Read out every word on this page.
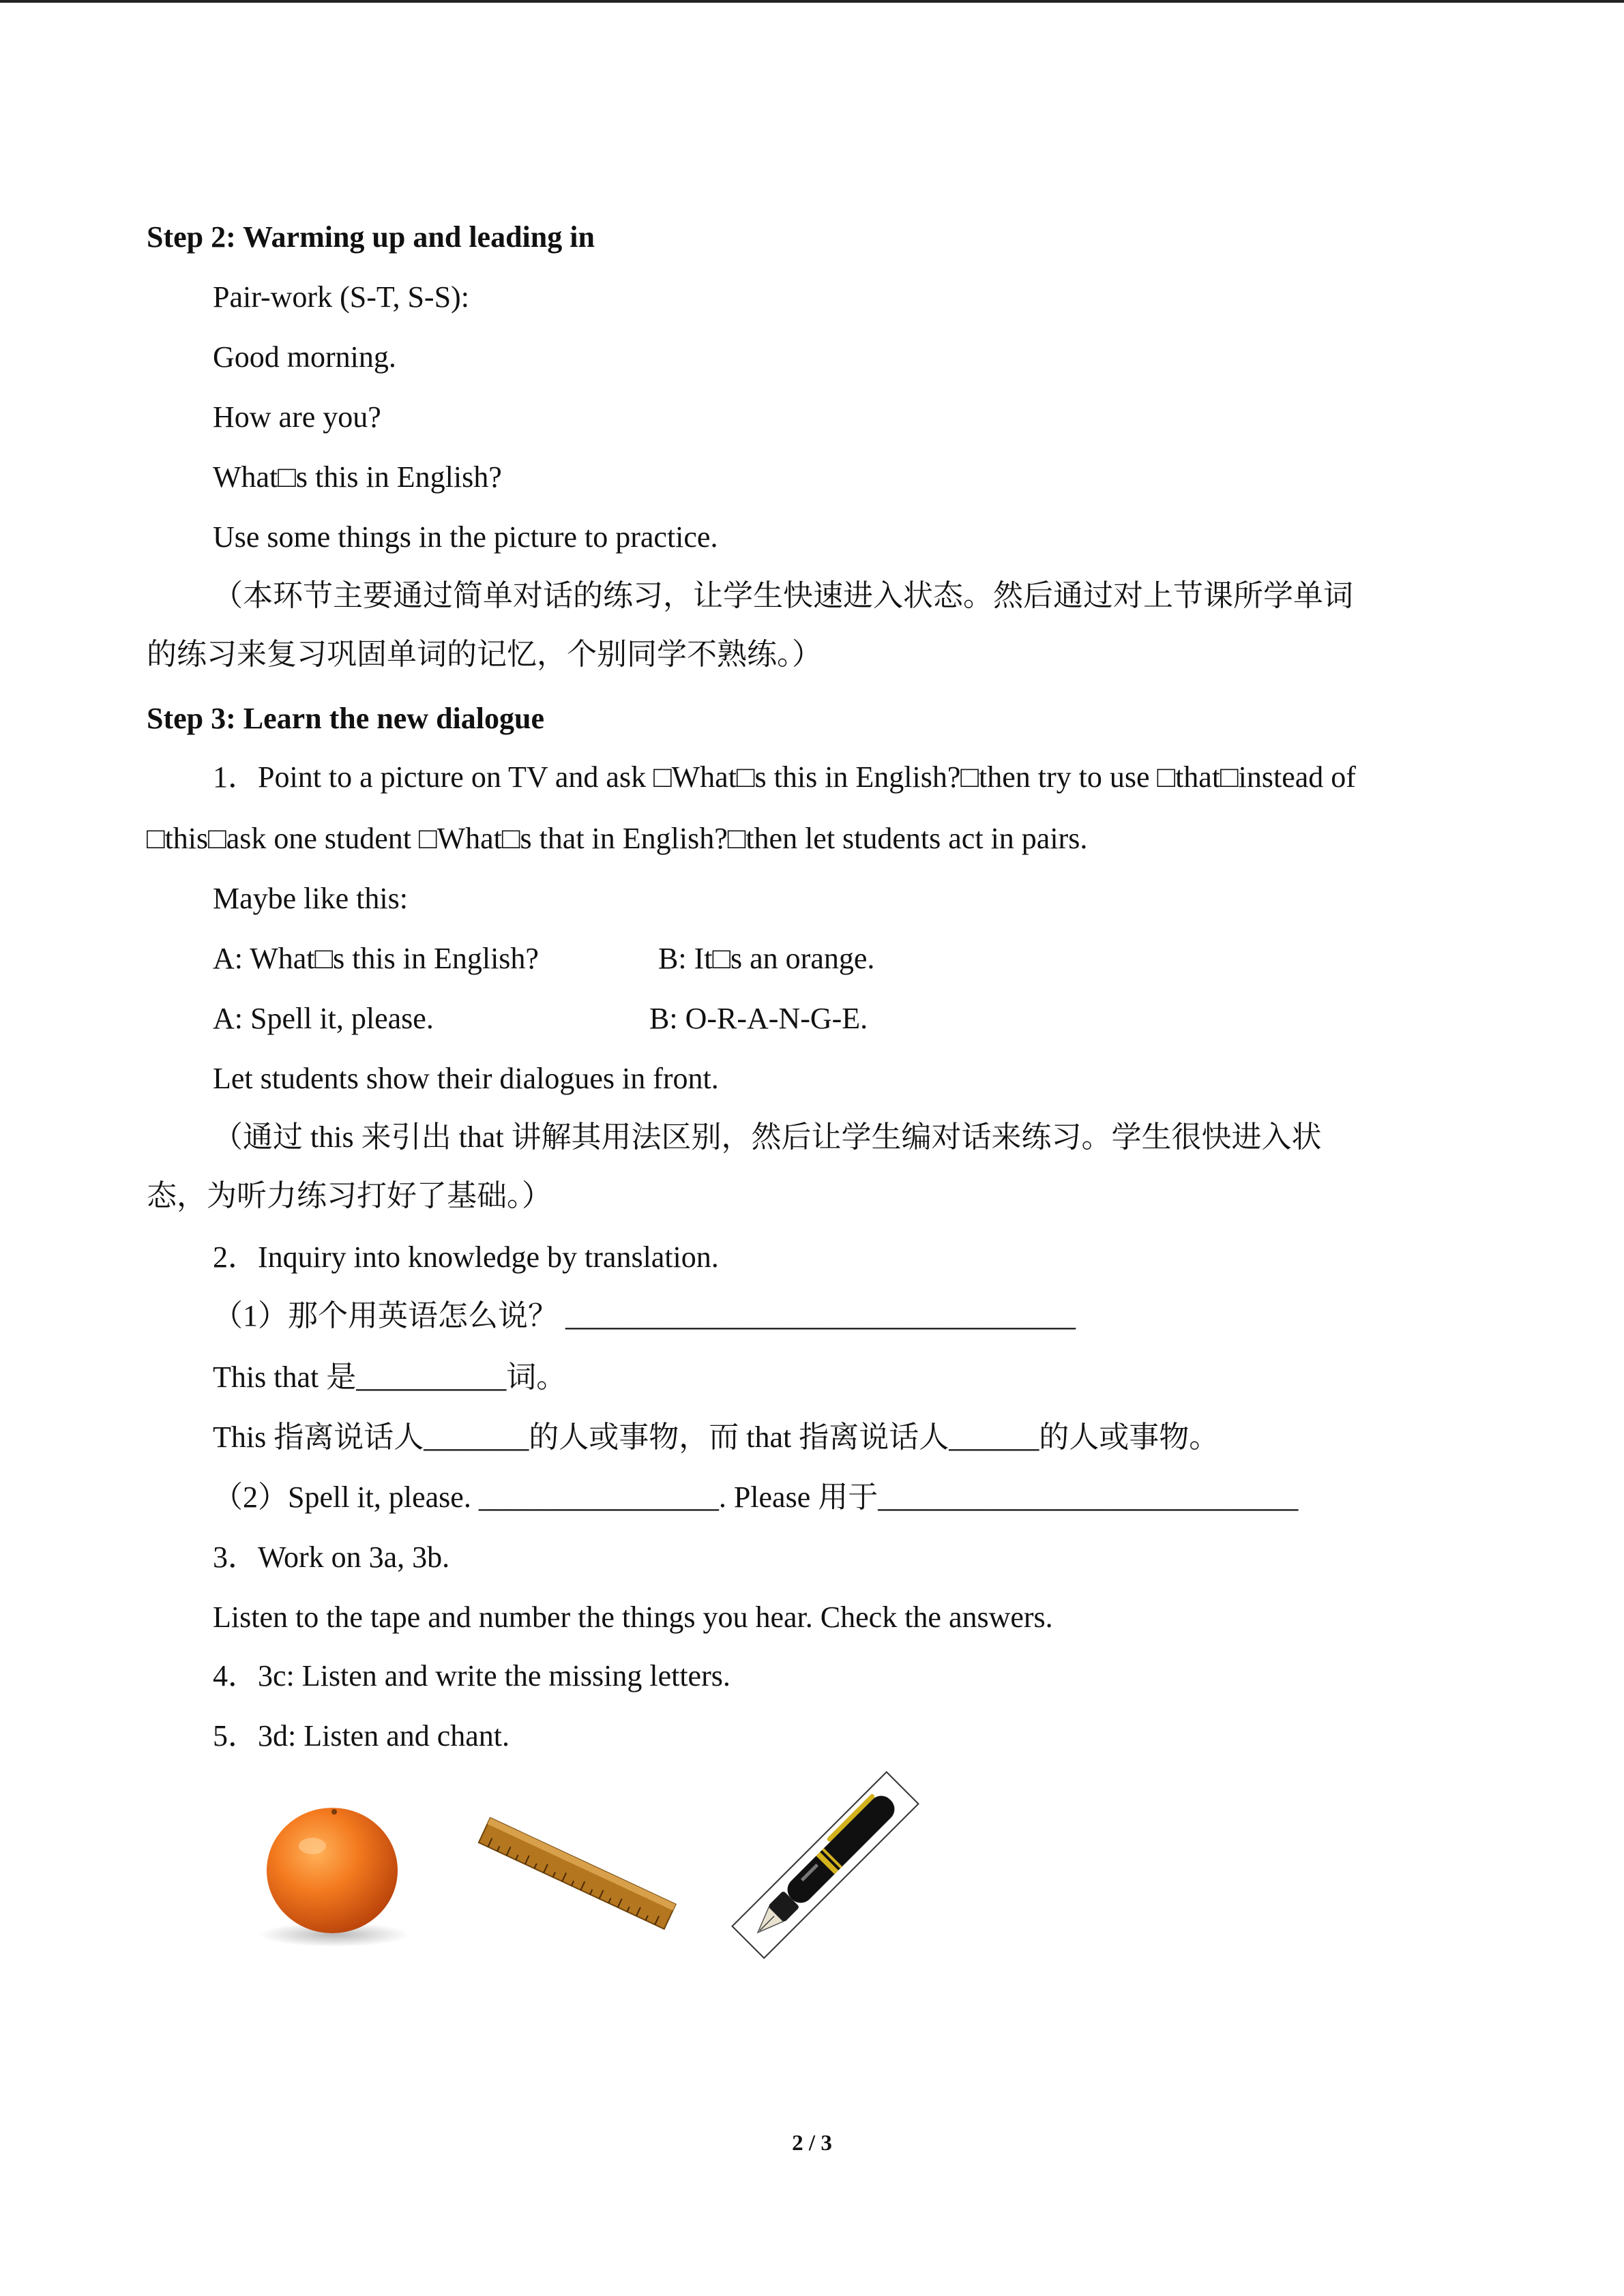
Step 2: Warming up and leading in
Pair-work (S-T, S-S):
Good morning.
How are you?
What□s this in English?
Use some things in the picture to practice.
（本环节主要通过简单对话的练习，让学生快速进入状态。然后通过对上节课所学单词
的练习来复习巩固单词的记忆，个别同学不熟练。）
Step 3: Learn the new dialogue
1．Point to a picture on TV and ask □What□s this in English?□then try to use □that□instead of
□this□ask one student □What□s that in English?□then let students act in pairs.
Maybe like this:
A: What□s this in English?	B: It□s an orange.
A: Spell it, please.	B: O-R-A-N-G-E.
Let students show their dialogues in front.
（通过 this 来引出 that 讲解其用法区别，然后让学生编对话来练习。学生很快进入状
态，为听力练习打好了基础。）
2．Inquiry into knowledge by translation.
（1）那个用英语怎么说？ __________________________________
This that 是__________词。
This 指离说话人_______的人或事物，而 that 指离说话人______的人或事物。
（2）Spell it, please. ________________. Please 用于____________________________
3．Work on 3a, 3b.
Listen to the tape and number the things you hear. Check the answers.
4．3c: Listen and write the missing letters.
5．3d: Listen and chant.
2 / 3
